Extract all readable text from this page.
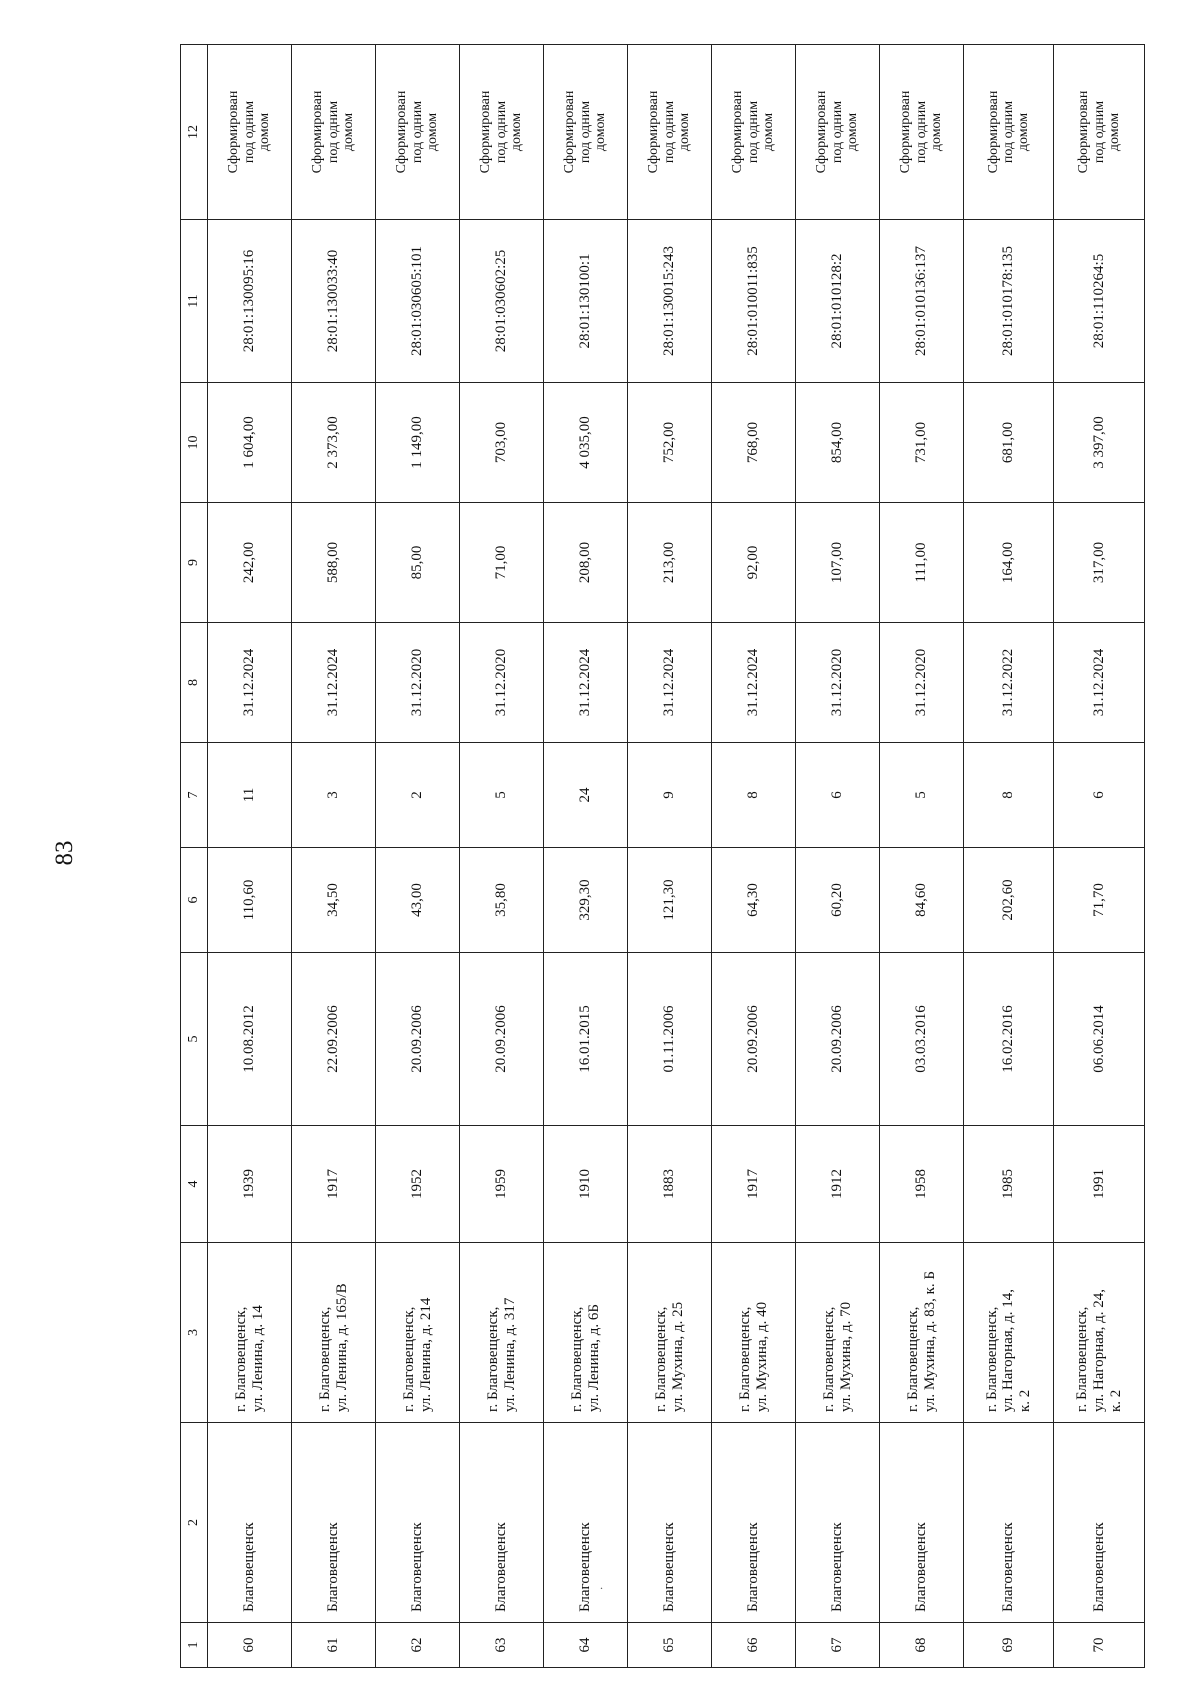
83
1	2	3	4	5	6	7	8	9	10	11	12
60	Благовещенск	г. Благовещенск,
ул. Ленина, д. 14	1939	10.08.2012	110,60	11	31.12.2024	242,00	1 604,00	28:01:130095:16	Сформирован
под одним
домом
61	Благовещенск	г. Благовещенск,
ул. Ленина, д. 165/В	1917	22.09.2006	34,50	3	31.12.2024	588,00	2 373,00	28:01:130033:40	Сформирован
под одним
домом
62	Благовещенск	г. Благовещенск,
ул. Ленина, д. 214	1952	20.09.2006	43,00	2	31.12.2020	85,00	1 149,00	28:01:030605:101	Сформирован
под одним
домом
63	Благовещенск	г. Благовещенск,
ул. Ленина, д. 317	1959	20.09.2006	35,80	5	31.12.2020	71,00	703,00	28:01:030602:25	Сформирован
под одним
домом
64	Благовещенск	г. Благовещенск,
ул. Ленина, д. 6Б	1910	16.01.2015	329,30	24	31.12.2024	208,00	4 035,00	28:01:130100:1	Сформирован
под одним
домом
65	Благовещенск	г. Благовещенск,
ул. Мухина, д. 25	1883	01.11.2006	121,30	9	31.12.2024	213,00	752,00	28:01:130015:243	Сформирован
под одним
домом
66	Благовещенск	г. Благовещенск,
ул. Мухина, д. 40	1917	20.09.2006	64,30	8	31.12.2024	92,00	768,00	28:01:010011:835	Сформирован
под одним
домом
67	Благовещенск	г. Благовещенск,
ул. Мухина, д. 70	1912	20.09.2006	60,20	6	31.12.2020	107,00	854,00	28:01:010128:2	Сформирован
под одним
домом
68	Благовещенск	г. Благовещенск,
ул. Мухина, д. 83, к. Б	1958	03.03.2016	84,60	5	31.12.2020	111,00	731,00	28:01:010136:137	Сформирован
под одним
домом
69	Благовещенск	г. Благовещенск,
ул. Нагорная, д. 14,
к. 2	1985	16.02.2016	202,60	8	31.12.2022	164,00	681,00	28:01:010178:135	Сформирован
под одним
домом
70	Благовещенск	г. Благовещенск,
ул. Нагорная, д. 24,
к. 2	1991	06.06.2014	71,70	6	31.12.2024	317,00	3 397,00	28:01:110264:5	Сформирован
под одним
домом
.
